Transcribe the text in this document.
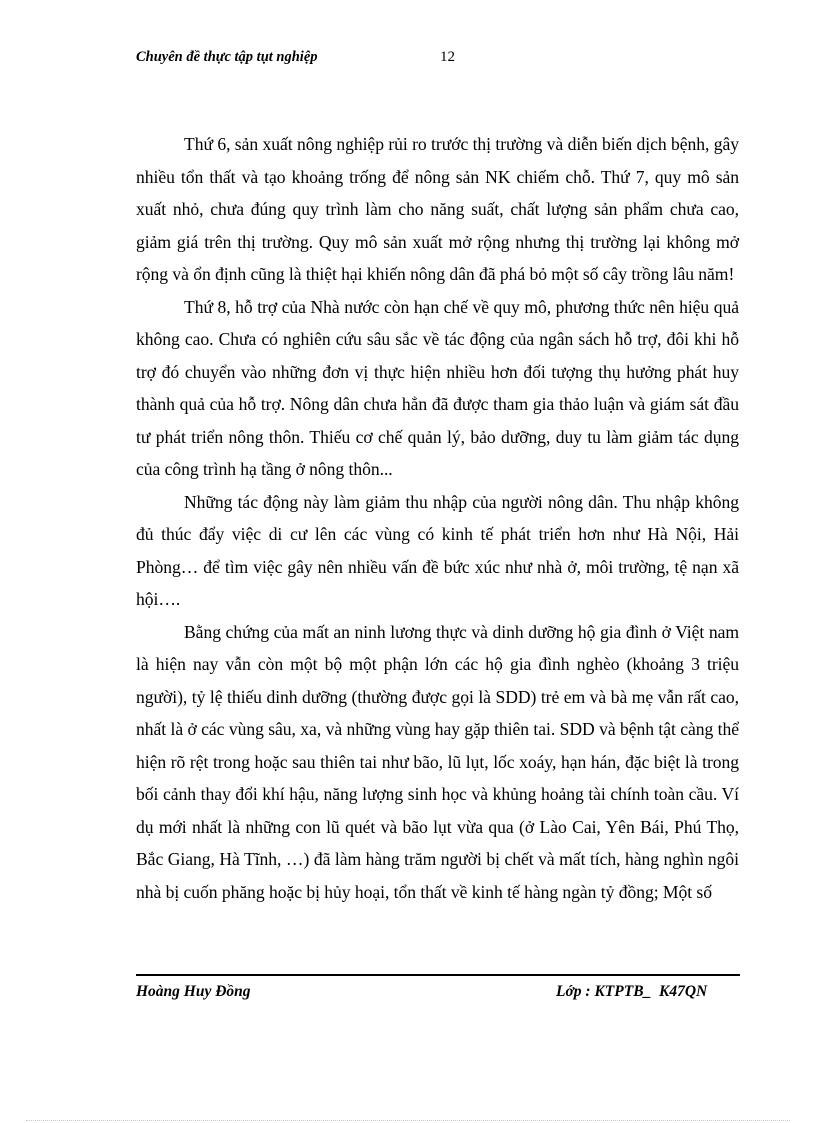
Chuyên đề thực tập tụt nghiệp	12

Thứ 6, sản xuất nông nghiệp rủi ro trước thị trường và diễn biến dịch bệnh, gây nhiều tổn thất và tạo khoảng trống để nông sản NK chiếm chỗ. Thứ 7, quy mô sản xuất nhỏ, chưa đúng quy trình làm cho năng suất, chất lượng sản phẩm chưa cao, giảm giá trên thị trường. Quy mô sản xuất mở rộng nhưng thị trường lại không mở rộng và ổn định cũng là thiệt hại khiến nông dân đã phá bỏ một số cây trồng lâu năm!

Thứ 8, hỗ trợ của Nhà nước còn hạn chế về quy mô, phương thức nên hiệu quả không cao. Chưa có nghiên cứu sâu sắc về tác động của ngân sách hỗ trợ, đôi khi hỗ trợ đó chuyển vào những đơn vị thực hiện nhiều hơn đối tượng thụ hưởng phát huy thành quả của hỗ trợ. Nông dân chưa hẳn đã được tham gia thảo luận và giám sát đầu tư phát triển nông thôn. Thiếu cơ chế quản lý, bảo dưỡng, duy tu làm giảm tác dụng của công trình hạ tầng ở nông thôn...

Những tác động này làm giảm thu nhập của người nông dân. Thu nhập không đủ thúc đẩy việc di cư lên các vùng có kinh tế phát triển hơn như Hà Nội, Hải Phòng… để tìm việc gây nên nhiều vấn đề bức xúc như nhà ở, môi trường, tệ nạn xã hội….

Bằng chứng của mất an ninh lương thực và dinh dưỡng hộ gia đình ở Việt nam là hiện nay vẫn còn một bộ một phận lớn các hộ gia đình nghèo (khoảng 3 triệu người), tỷ lệ thiếu dinh dưỡng (thường được gọi là SDD) trẻ em và bà mẹ vẫn rất cao, nhất là ở các vùng sâu, xa, và những vùng hay gặp thiên tai. SDD và bệnh tật càng thể hiện rõ rệt trong hoặc sau thiên tai như bão, lũ lụt, lốc xoáy, hạn hán, đặc biệt là trong bối cảnh thay đổi khí hậu, năng lượng sinh học và khủng hoảng tài chính toàn cầu. Ví dụ mới nhất là những con lũ quét và bão lụt vừa qua (ở Lào Cai, Yên Bái, Phú Thọ, Bắc Giang, Hà Tĩnh, …) đã làm hàng trăm người bị chết và mất tích, hàng nghìn ngôi nhà bị cuốn phăng hoặc bị hủy hoại, tổn thất về kinh tế hàng ngàn tỷ đồng; Một số

Hoàng Huy Đồng	Lớp : KTPTB_  K47QN
